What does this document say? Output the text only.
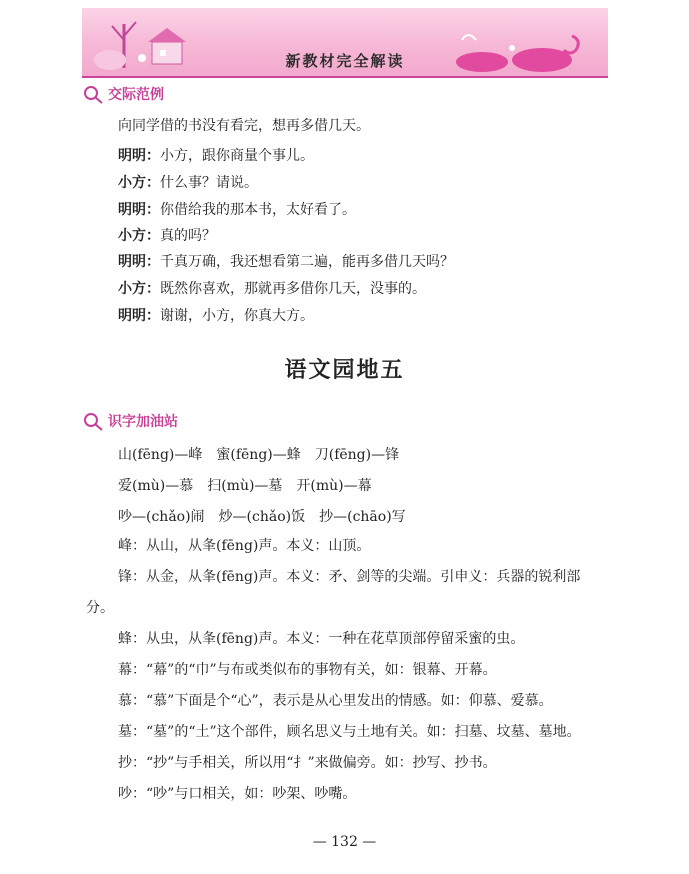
新教材完全解读
交际范例
向同学借的书没有看完，想再多借几天。
明明：小方，跟你商量个事儿。
小方：什么事？请说。
明明：你借给我的那本书，太好看了。
小方：真的吗？
明明：千真万确，我还想看第二遍，能再多借几天吗？
小方：既然你喜欢，那就再多借你几天，没事的。
明明：谢谢，小方，你真大方。
语文园地五
识字加油站
山(fēng)—峰　蜜(fēng)—蜂　刀(fēng)—锋
爱(mù)—慕　扫(mù)—墓　开(mù)—幕
吵—(chǎo)闹　炒—(chǎo)饭　抄—(chāo)写

峰：从山，从夆(fēng)声。本义：山顶。

锋：从金，从夆(fēng)声。本义：矛、剑等的尖端。引申义：兵器的锐利部分。

蜂：从虫，从夆(fēng)声。本义：一种在花草顶部停留采蜜的虫。

幕：“幕”的“巾”与布或类似布的事物有关，如：银幕、开幕。

慕：“慕”下面是个“心”，表示是从心里发出的情感。如：仰慕、爱慕。

墓：“墓”的“土”这个部件，顾名思义与土地有关。如：扫墓、坟墓、墓地。

抄：“抄”与手相关，所以用“扌”来做偏旁。如：抄写、抄书。

吵：“吵”与口相关，如：吵架、吵嘴。

— 132 —
